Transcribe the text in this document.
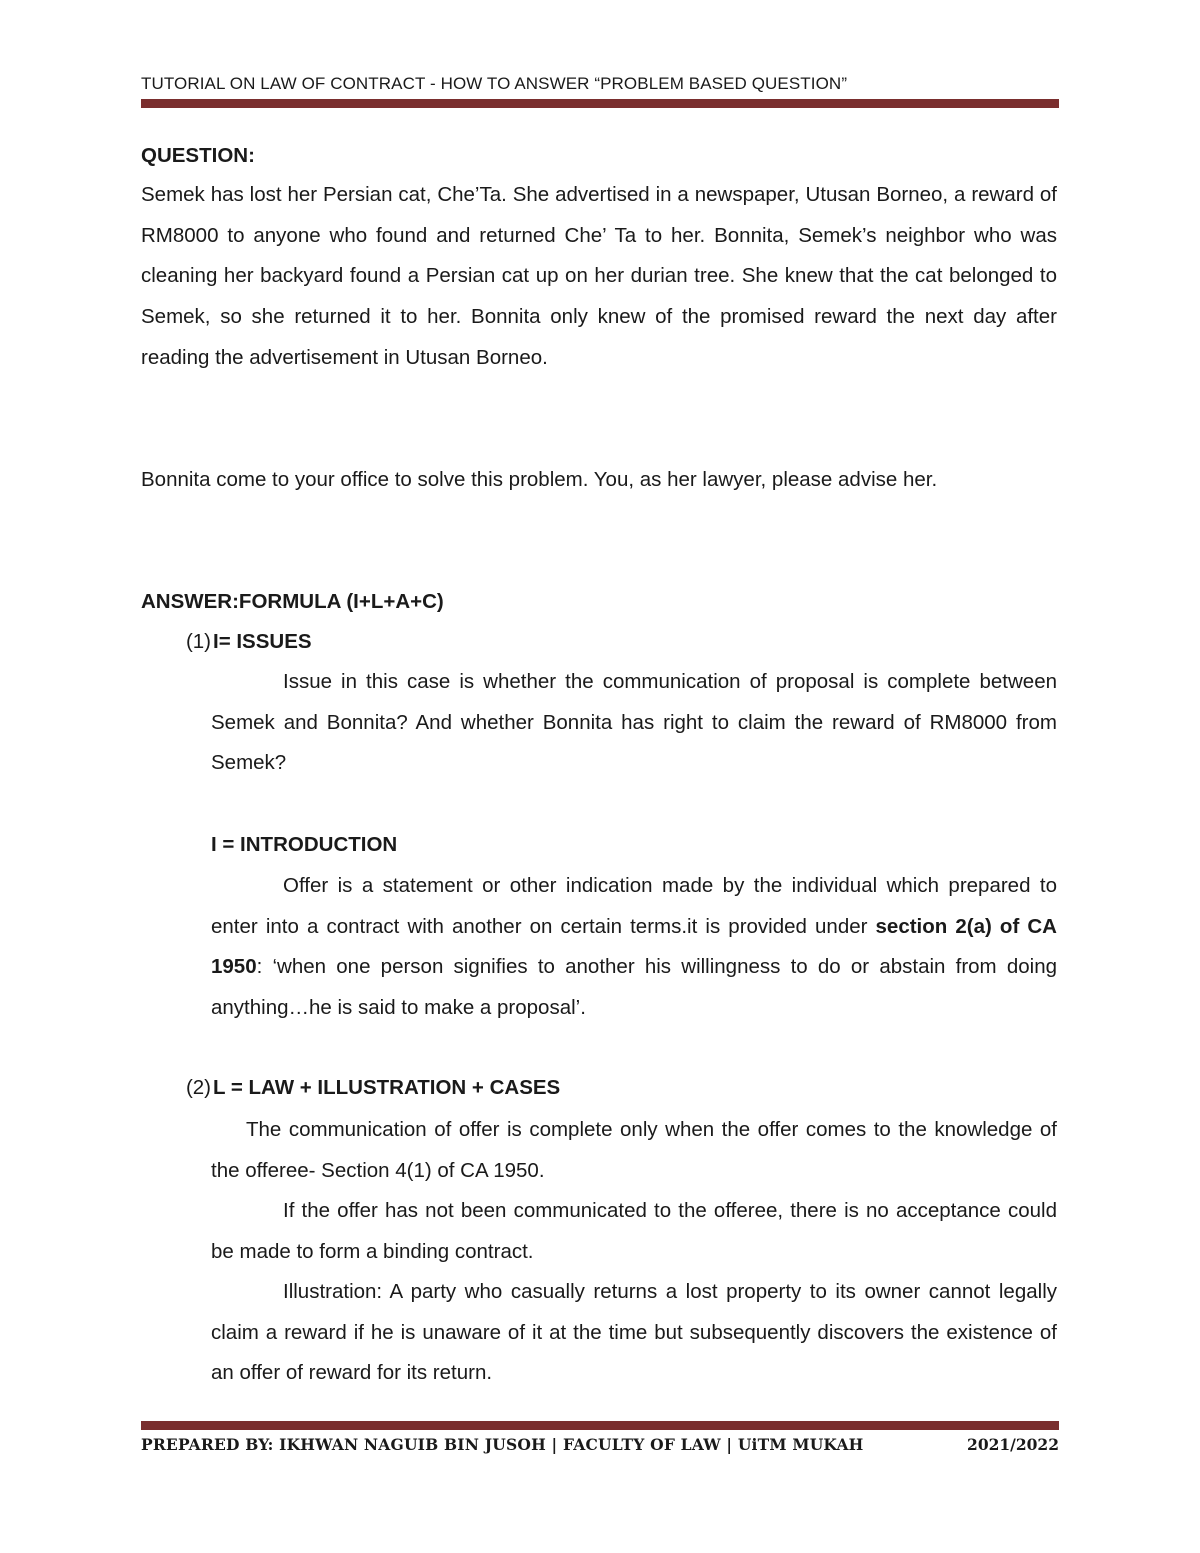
TUTORIAL ON LAW OF CONTRACT - HOW TO ANSWER “PROBLEM BASED QUESTION”
QUESTION:
Semek has lost her Persian cat, Che’Ta. She advertised in a newspaper, Utusan Borneo, a reward of RM8000 to anyone who found and returned Che’ Ta to her. Bonnita, Semek’s neighbor who was cleaning her backyard found a Persian cat up on her durian tree. She knew that the cat belonged to Semek, so she returned it to her. Bonnita only knew of the promised reward the next day after reading the advertisement in Utusan Borneo.
Bonnita come to your office to solve this problem. You, as her lawyer, please advise her.
ANSWER:FORMULA (I+L+A+C)
(1)I= ISSUES
Issue in this case is whether the communication of proposal is complete between Semek and Bonnita? And whether Bonnita has right to claim the reward of RM8000 from Semek?
I = INTRODUCTION
Offer is a statement or other indication made by the individual which prepared to enter into a contract with another on certain terms.it is provided under section 2(a) of CA 1950: ‘when one person signifies to another his willingness to do or abstain from doing anything…he is said to make a proposal’.
(2)L = LAW + ILLUSTRATION + CASES
The communication of offer is complete only when the offer comes to the knowledge of the offeree- Section 4(1) of CA 1950.
If the offer has not been communicated to the offeree, there is no acceptance could be made to form a binding contract.
Illustration: A party who casually returns a lost property to its owner cannot legally claim a reward if he is unaware of it at the time but subsequently discovers the existence of an offer of reward for its return.
PREPARED BY: IKHWAN NAGUIB BIN JUSOH | FACULTY OF LAW | UiTM MUKAH	2021/2022
